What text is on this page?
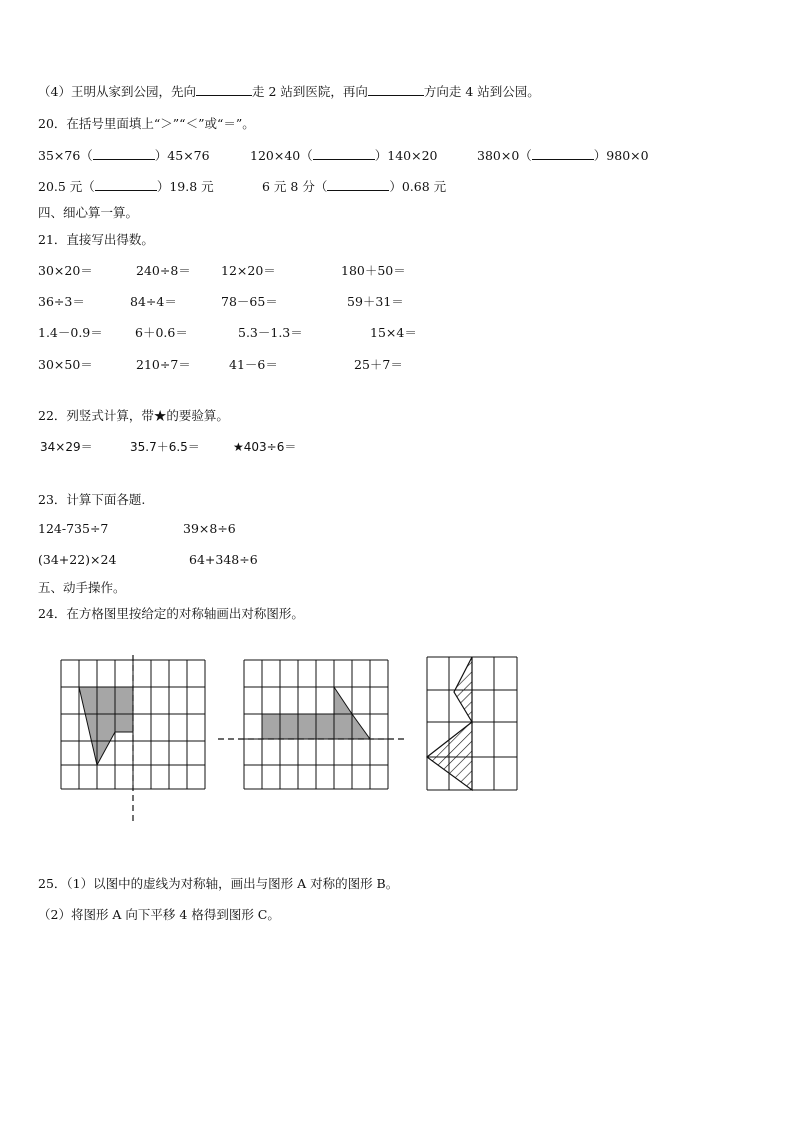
（4）王明从家到公园，先向	走 2 站到医院，再向	方向走 4 站到公园。
20．在括号里面填上“＞”“＜”或“＝”。
35×76（	）45×76	120×40（	）140×20	380×0（	）980×0
20.5 元（	）19.8 元	6 元 8 分（	）0.68 元
四、细心算一算。
21．直接写出得数。
30×20＝	240÷8＝ 12×20＝	180＋50＝
36÷3＝	84÷4＝	78－65＝	59＋31＝
1.4－0.9＝	6＋0.6＝	5.3－1.3＝	15×4＝
30×50＝	210÷7＝	41－6＝	25＋7＝
22．列竖式计算，带★的要验算。
34×29＝	35.7＋6.5＝	★403÷6＝
23．计算下面各题.
124-735÷7	39×8÷6
(34+22)×24	64+348÷6
五、动手操作。
24．在方格图里按给定的对称轴画出对称图形。
25．（1）以图中的虚线为对称轴，画出与图形 A 对称的图形 B。
（2）将图形 A 向下平移 4 格得到图形 C。
